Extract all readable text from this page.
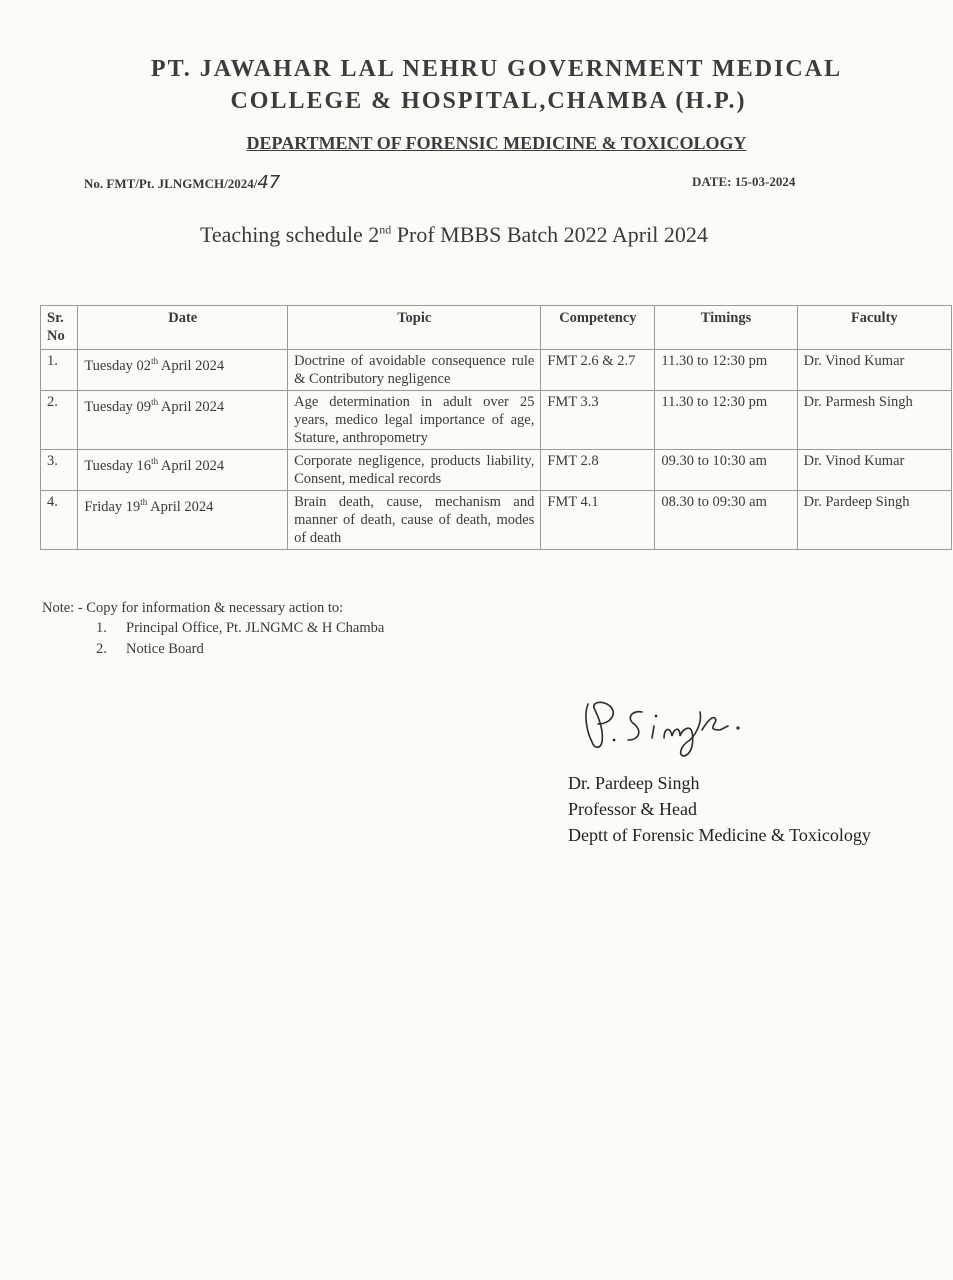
PT. JAWAHAR LAL NEHRU GOVERNMENT MEDICAL
COLLEGE & HOSPITAL,CHAMBA (H.P.)
DEPARTMENT OF FORENSIC MEDICINE & TOXICOLOGY
No. FMT/Pt. JLNGMCH/2024/47	DATE: 15-03-2024
Teaching schedule 2nd Prof MBBS Batch 2022 April 2024
Sr. No	Date	Topic	Competency	Timings	Faculty
1.	Tuesday 02th April 2024	Doctrine of avoidable consequence rule & Contributory negligence	FMT 2.6 & 2.7	11.30 to 12:30 pm	Dr. Vinod Kumar
2.	Tuesday 09th April 2024	Age determination in adult over 25 years, medico legal importance of age, Stature, anthropometry	FMT 3.3	11.30 to 12:30 pm	Dr. Parmesh Singh
3.	Tuesday 16th April 2024	Corporate negligence, products liability, Consent, medical records	FMT 2.8	09.30 to 10:30 am	Dr. Vinod Kumar
4.	Friday 19th April 2024	Brain death, cause, mechanism and manner of death, cause of death, modes of death	FMT 4.1	08.30 to 09:30 am	Dr. Pardeep Singh
Note: - Copy for information & necessary action to:
1. Principal Office, Pt. JLNGMC & H Chamba
2. Notice Board
Dr. Pardeep Singh
Professor & Head
Deptt of Forensic Medicine & Toxicology
